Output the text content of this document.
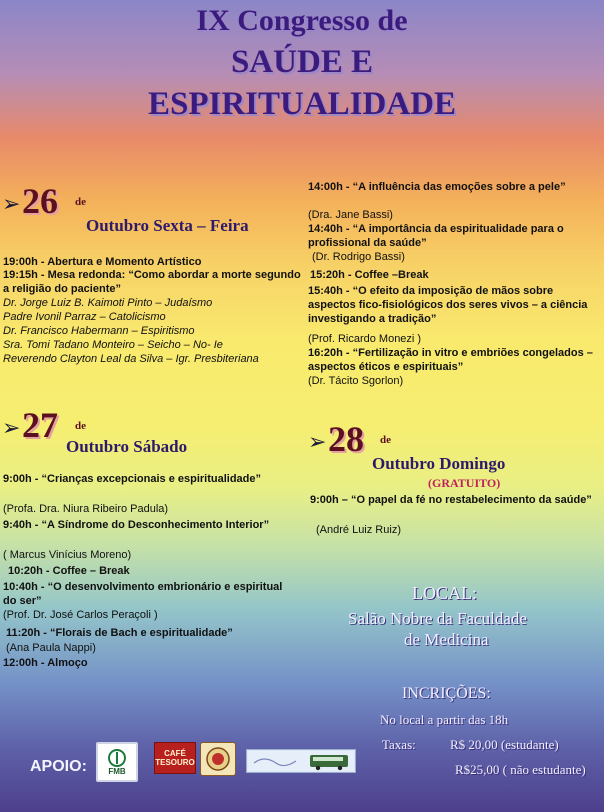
IX Congresso de
SAÚDE E
ESPIRITUALIDADE
➢ 26 de
Outubro Sexta – Feira
19:00h - Abertura e Momento Artístico
19:15h - Mesa redonda: “Como abordar a morte segundo a religião do paciente”
Dr. Jorge Luiz B. Kaimoti Pinto – Judaísmo
Padre Ivonil Parraz – Catolicismo
Dr. Francisco Habermann – Espiritismo
Sra. Tomi Tadano Monteiro – Seicho – No- Ie
Reverendo Clayton Leal da Silva – Igr. Presbiteriana
14:00h - “A influência das emoções sobre a pele”
(Dra. Jane Bassi)
14:40h - “A importância da espiritualidade para o profissional da saúde”
(Dr. Rodrigo Bassi)
15:20h - Coffee –Break
15:40h - “O efeito da imposição de mãos sobre aspectos fico-fisiológicos dos seres vivos – a ciência investigando a tradição”
(Prof. Ricardo Monezi )
16:20h - “Fertilização in vitro e embriões congelados – aspectos éticos e espirituais”
(Dr. Tácito Sgorlon)
➢ 27 de
Outubro Sábado
9:00h - “Crianças excepcionais e espiritualidade”
(Profa. Dra. Niura Ribeiro Padula)
9:40h - “A Síndrome do Desconhecimento Interior”
( Marcus Vinícius Moreno)
10:20h - Coffee – Break
10:40h - “O desenvolvimento embrionário e espiritual do ser”
(Prof. Dr. José Carlos Peraçoli )
11:20h - “Florais de Bach e espiritualidade”
(Ana Paula Nappi)
12:00h - Almoço
➢ 28 de
Outubro Domingo
(GRATUITO)
9:00h – “O papel da fé no restabelecimento da saúde”
(André Luiz Ruiz)
LOCAL:
Salão Nobre da Faculdade
de Medicina
INCRIÇÕES:
No local a partir das 18h
Taxas:	R$ 20,00 (estudante)
R$25,00 ( não estudante)
APOIO:	FMB
CAFÉ
TESOURO
